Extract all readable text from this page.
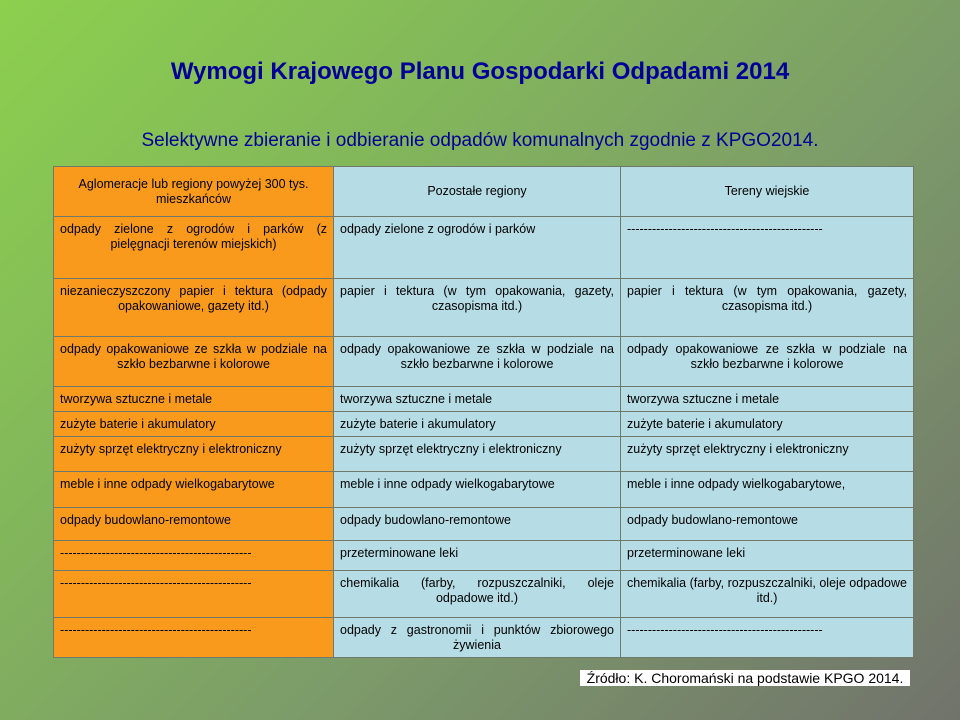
Wymogi Krajowego Planu Gospodarki Odpadami 2014
Selektywne zbieranie i odbieranie odpadów komunalnych zgodnie z KPGO2014.
Aglomeracje lub regiony powyżej 300 tys. mieszkańców	Pozostałe regiony	Tereny wiejskie
odpady zielone z ogrodów i parków (z pielęgnacji terenów miejskich)	odpady zielone z ogrodów i parków	-----------------------------------------------
niezanieczyszczony papier i tektura (odpady opakowaniowe, gazety itd.)	papier i tektura (w tym opakowania, gazety, czasopisma itd.)	papier i tektura (w tym opakowania, gazety, czasopisma itd.)
odpady opakowaniowe ze szkła w podziale na szkło bezbarwne i kolorowe	odpady opakowaniowe ze szkła w podziale na szkło bezbarwne i kolorowe	odpady opakowaniowe ze szkła w podziale na szkło bezbarwne i kolorowe
tworzywa sztuczne i metale	tworzywa sztuczne i metale	tworzywa sztuczne i metale
zużyte baterie i akumulatory	zużyte baterie i akumulatory	zużyte baterie i akumulatory
zużyty sprzęt elektryczny i elektroniczny	zużyty sprzęt elektryczny i elektroniczny	zużyty sprzęt elektryczny i elektroniczny
meble i inne odpady wielkogabarytowe	meble i inne odpady wielkogabarytowe	meble i inne odpady wielkogabarytowe,
odpady budowlano-remontowe	odpady budowlano-remontowe	odpady budowlano-remontowe
----------------------------------------------	przeterminowane leki	przeterminowane leki
----------------------------------------------	chemikalia (farby, rozpuszczalniki, oleje odpadowe itd.)	chemikalia (farby, rozpuszczalniki, oleje odpadowe itd.)
----------------------------------------------	odpady z gastronomii i punktów zbiorowego żywienia	-----------------------------------------------
Źródło: K. Choromański na podstawie KPGO 2014.
